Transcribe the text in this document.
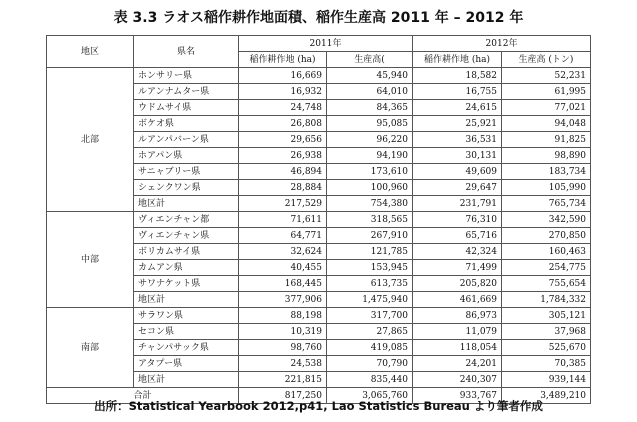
表 3.3 ラオス稲作耕作地面積、稲作生産高 2011 年 – 2012 年
地区	県名	2011年		2012年	
		稲作耕作地 (ha)	生産高(	稲作耕作地 (ha)	生産高 (トン)
北部	ホンサリー県	16,669	45,940	18,582	52,231
	ルアンナムター県	16,932	64,010	16,755	61,995
	ウドムサイ県	24,748	84,365	24,615	77,021
	ボケオ県	26,808	95,085	25,921	94,048
	ルアンパバーン県	29,656	96,220	36,531	91,825
	ホアパン県	26,938	94,190	30,131	98,890
	サニャブリー県	46,894	173,610	49,609	183,734
	シェンクワン県	28,884	100,960	29,647	105,990
	地区計	217,529	754,380	231,791	765,734
中部	ヴィエンチャン都	71,611	318,565	76,310	342,590
	ヴィエンチャン県	64,771	267,910	65,716	270,850
	ボリカムサイ県	32,624	121,785	42,324	160,463
	カムアン県	40,455	153,945	71,499	254,775
	サワナケット県	168,445	613,735	205,820	755,654
	地区計	377,906	1,475,940	461,669	1,784,332
南部	サラワン県	88,198	317,700	86,973	305,121
	セコン県	10,319	27,865	11,079	37,968
	チャンパサック県	98,760	419,085	118,054	525,670
	アタプー県	24,538	70,790	24,201	70,385
	地区計	221,815	835,440	240,307	939,144
合計		817,250	3,065,760	933,767	3,489,210
出所：Statistical Yearbook 2012,p41, Lao Statistics Bureau より筆者作成
